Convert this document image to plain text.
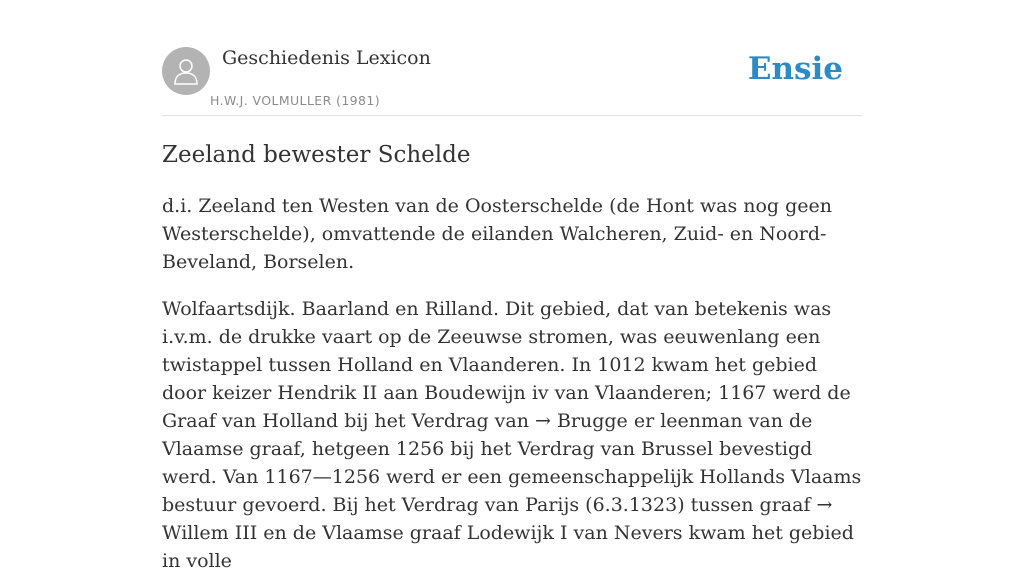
Geschiedenis Lexicon
H.W.J. VOLMULLER (1981)
Ensie
Zeeland bewester Schelde

d.i. Zeeland ten Westen van de Oosterschelde (de Hont was nog geen Westerschelde), omvattende de eilanden Walcheren, Zuid- en Noord-Beveland, Borselen.

Wolfaartsdijk. Baarland en Rilland. Dit gebied, dat van betekenis was i.v.m. de drukke vaart op de Zeeuwse stromen, was eeuwenlang een twistappel tussen Holland en Vlaanderen. In 1012 kwam het gebied door keizer Hendrik II aan Boudewijn iv van Vlaanderen; 1167 werd de Graaf van Holland bij het Verdrag van → Brugge er leenman van de Vlaamse graaf, hetgeen 1256 bij het Verdrag van Brussel bevestigd werd. Van 1167—1256 werd er een gemeenschappelijk Hollands Vlaams bestuur gevoerd. Bij het Verdrag van Parijs (6.3.1323) tussen graaf → Willem III en de Vlaamse graaf Lodewijk I van Nevers kwam het gebied in volle
